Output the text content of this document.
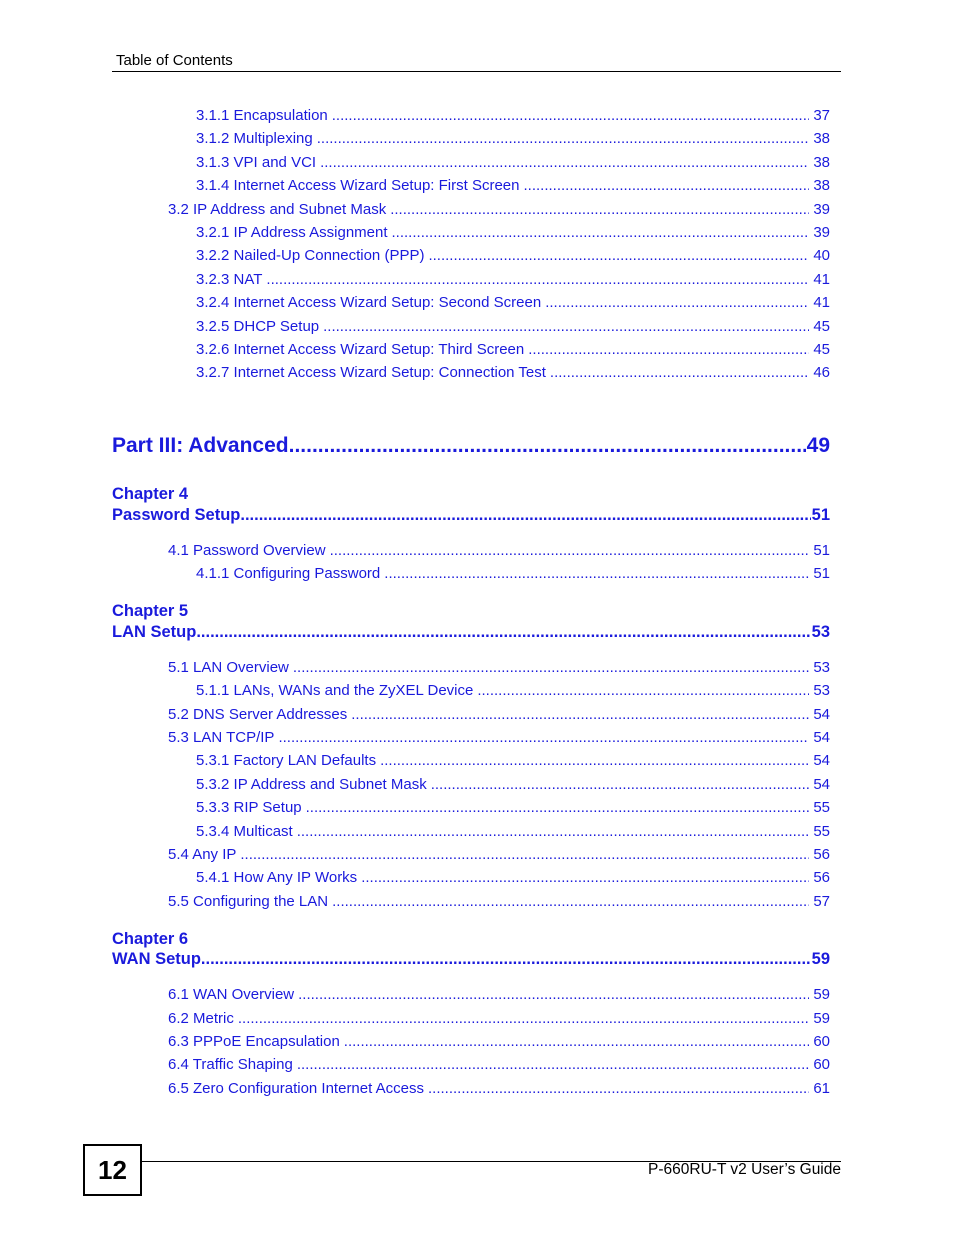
Table of Contents
3.1.1 Encapsulation .....	37
3.1.2 Multiplexing .....	38
3.1.3 VPI and VCI .....	38
3.1.4 Internet Access Wizard Setup: First Screen .....	38
3.2 IP Address and Subnet Mask .....	39
3.2.1 IP Address Assignment .....	39
3.2.2 Nailed-Up Connection (PPP) .....	40
3.2.3 NAT .....	41
3.2.4 Internet Access Wizard Setup: Second Screen .....	41
3.2.5 DHCP Setup .....	45
3.2.6 Internet Access Wizard Setup: Third Screen .....	45
3.2.7 Internet Access Wizard Setup: Connection Test .....	46
Part III: Advanced .....	49
Chapter 4
Password Setup .....	51
4.1 Password Overview .....	51
4.1.1 Configuring Password .....	51
Chapter 5
LAN Setup .....	53
5.1 LAN Overview .....	53
5.1.1 LANs, WANs and the ZyXEL Device .....	53
5.2 DNS Server Addresses .....	54
5.3 LAN TCP/IP .....	54
5.3.1 Factory LAN Defaults .....	54
5.3.2 IP Address and Subnet Mask .....	54
5.3.3 RIP Setup .....	55
5.3.4 Multicast .....	55
5.4 Any IP .....	56
5.4.1 How Any IP Works .....	56
5.5 Configuring the LAN .....	57
Chapter 6
WAN Setup .....	59
6.1 WAN Overview .....	59
6.2 Metric .....	59
6.3 PPPoE Encapsulation .....	60
6.4 Traffic Shaping .....	60
6.5 Zero Configuration Internet Access .....	61
12	P-660RU-T v2 User’s Guide
